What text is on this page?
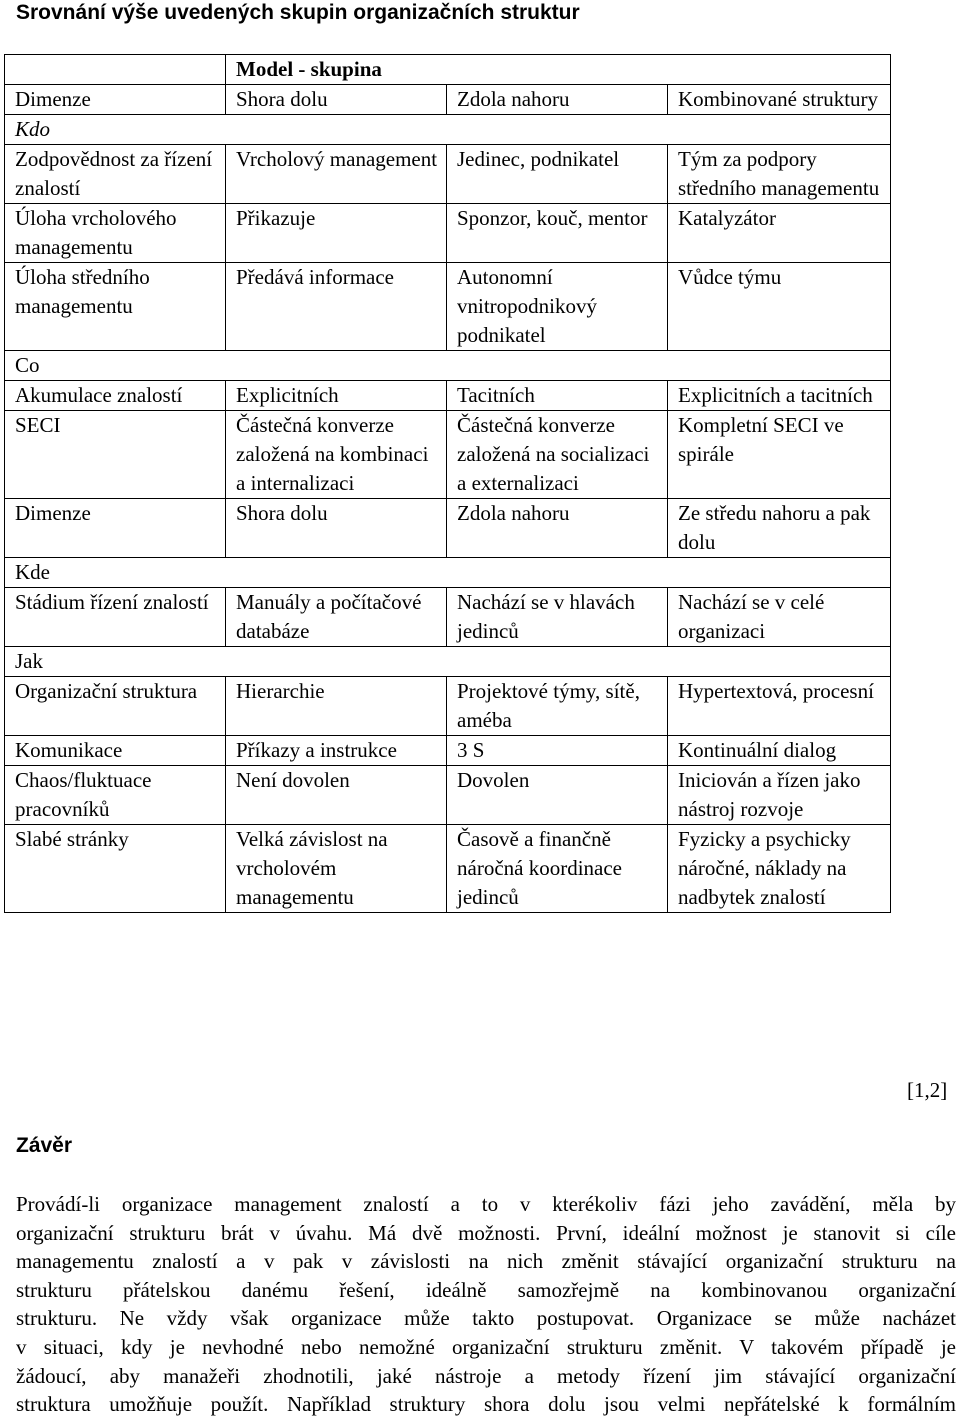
Srovnání výše uvedených skupin organizačních struktur
	Model - skupina		
Dimenze	Shora dolu	Zdola nahoru	Kombinované struktury
Kdo			
Zodpovědnost za řízení znalostí	Vrcholový management	Jedinec, podnikatel	Tým za podpory středního managementu
Úloha vrcholového managementu	Přikazuje	Sponzor, kouč, mentor	Katalyzátor
Úloha středního managementu	Předává informace	Autonomní vnitropodnikový podnikatel	Vůdce týmu
Co			
Akumulace znalostí	Explicitních	Tacitních	Explicitních a tacitních
SECI	Částečná konverze založená na kombinaci a internalizaci	Částečná konverze založená na socializaci a externalizaci	Kompletní SECI ve spirále
Dimenze	Shora dolu	Zdola nahoru	Ze středu nahoru a pak dolu
Kde			
Stádium řízení znalostí	Manuály a počítačové databáze	Nachází se v hlavách jedinců	Nachází se v celé organizaci
Jak			
Organizační struktura	Hierarchie	Projektové týmy, sítě, améba	Hypertextová, procesní
Komunikace	Příkazy a instrukce	3 S	Kontinuální dialog
Chaos/fluktuace pracovníků	Není dovolen	Dovolen	Iniciován a řízen jako nástroj rozvoje
Slabé stránky	Velká závislost na vrcholovém managementu	Časově a finančně náročná koordinace jedinců	Fyzicky a psychicky náročné, náklady na nadbytek znalostí
[1,2]
Závěr
Provádí-li organizace management znalostí a to v kterékoliv fázi jeho zavádění, měla by
organizační strukturu brát v úvahu. Má dvě možnosti. První, ideální možnost je stanovit si cíle
managementu znalostí a v pak v závislosti na nich změnit stávající organizační strukturu na
strukturu přátelskou danému řešení, ideálně samozřejmě na kombinovanou organizační
strukturu. Ne vždy však organizace může takto postupovat. Organizace se může nacházet
v situaci, kdy je nevhodné nebo nemožné organizační strukturu změnit. V takovém případě je
žádoucí, aby manažeři zhodnotili, jaké nástroje a metody řízení jim stávající organizační
struktura umožňuje použít. Například struktury shora dolu jsou velmi nepřátelské k formálním
